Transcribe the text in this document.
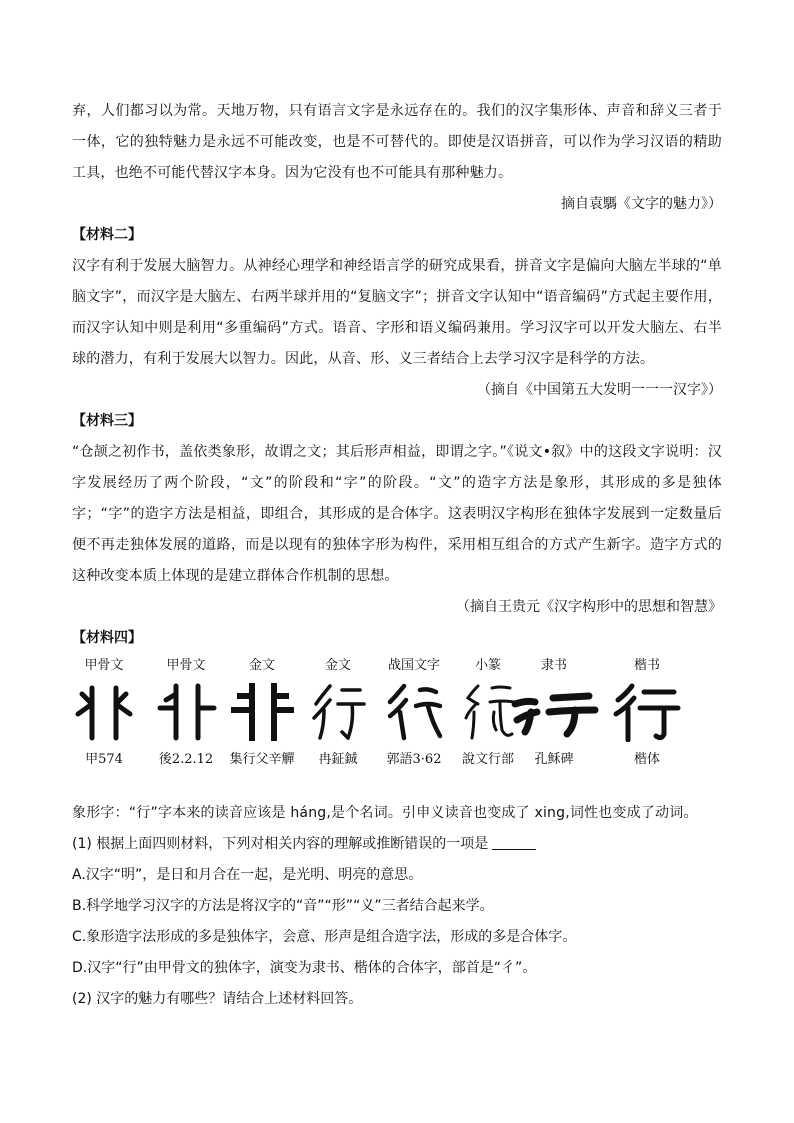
弃，人们都习以为常。天地万物，只有语言文字是永远存在的。我们的汉字集形体、声音和辞义三者于一体，它的独特魅力是永远不可能改变，也是不可替代的。即使是汉语拼音，可以作为学习汉语的精助工具，也绝不可能代替汉字本身。因为它没有也不可能具有那种魅力。

摘自袁騳《文字的魅力》）

【材料二】

汉字有利于发展大脑智力。从神经心理学和神经语言学的研究成果看，拼音文字是偏向大脑左半球的“单脑文字”，而汉字是大脑左、右两半球并用的“复脑文字”；拼音文字认知中“语音编码”方式起主要作用，而汉字认知中则是利用“多重编码”方式。语音、字形和语义编码兼用。学习汉字可以开发大脑左、右半球的潜力，有利于发展大以智力。因此，从音、形、义三者结合上去学习汉字是科学的方法。

（摘自《中国第五大发明一一一汉字》）

【材料三】

“仓颉之初作书，盖依类象形，故谓之文；其后形声相益，即谓之字。”《说文•叙》中的这段文字说明：汉字发展经历了两个阶段，“文”的阶段和“字”的阶段。“文”的造字方法是象形，其形成的多是独体字；“字”的造字方法是相益，即组合，其形成的是合体字。这表明汉字构形在独体字发展到一定数量后便不再走独体发展的道路，而是以现有的独体字形为构件，采用相互组合的方式产生新字。造字方式的这种改变本质上体现的是建立群体合作机制的思想。

（摘自王贵元《汉字构形中的思想和智慧》

【材料四】

甲骨文
甲574
甲骨文
後2.2.12
金文
集行父辛觶
金文
冉鉦鋮
战国文字
郭語3·62
小篆
說文行部
隶书
孔稣碑
楷书
楷体

象形字：“行”字本来的读音应该是 háng,是个名词。引申义读音也变成了 xing,词性也变成了动词。

(1) 根据上面四则材料，下列对相关内容的理解或推断错误的一项是

A.汉字“明”，是日和月合在一起，是光明、明亮的意思。

B.科学地学习汉字的方法是将汉字的“音”“形”“义”三者结合起来学。

C.象形造字法形成的多是独体字，会意、形声是组合造字法，形成的多是合体字。

D.汉字“行”由甲骨文的独体字，演变为隶书、楷体的合体字，部首是“彳”。

(2) 汉字的魅力有哪些？请结合上述材料回答。
